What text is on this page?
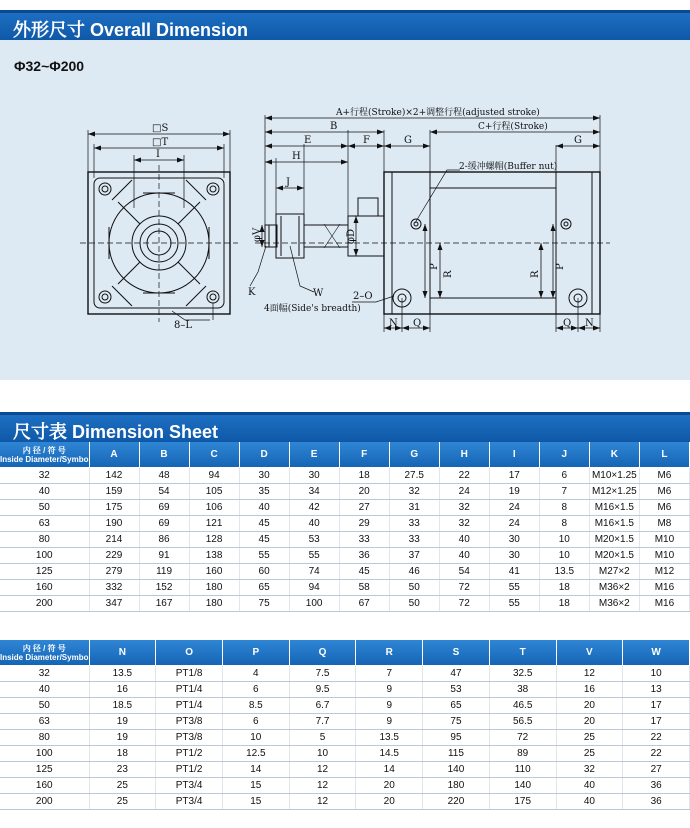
外形尺寸 Overall Dimension
Φ32~Φ200
□S
□T
I
8–L
A+行程(Stroke)×2+调整行程(adjusted stroke)
B	C+行程(Stroke)
E	F	G	G
H
J
2-缓冲螺帽(Buffer nut)
K	W
4面幅(Side's breadth)
2–O
N Q	Q N
φV	φD
P
R	R
P
尺寸表 Dimension Sheet
内 径 / 符 号
Inside Diameter/Symbo	A	B	C	D	E	F	G	H	I	J	K	L
32	142	48	94	30	30	18	27.5	22	17	6	M10×1.25	M6
40	159	54	105	35	34	20	32	24	19	7	M12×1.25	M6
50	175	69	106	40	42	27	31	32	24	8	M16×1.5	M6
63	190	69	121	45	40	29	33	32	24	8	M16×1.5	M8
80	214	86	128	45	53	33	33	40	30	10	M20×1.5	M10
100	229	91	138	55	55	36	37	40	30	10	M20×1.5	M10
125	279	119	160	60	74	45	46	54	41	13.5	M27×2	M12
160	332	152	180	65	94	58	50	72	55	18	M36×2	M16
200	347	167	180	75	100	67	50	72	55	18	M36×2	M16
内 径 / 符 号
Inside Diameter/Symbo	N	O	P	Q	R	S	T	V	W
32	13.5	PT1/8	4	7.5	7	47	32.5	12	10
40	16	PT1/4	6	9.5	9	53	38	16	13
50	18.5	PT1/4	8.5	6.7	9	65	46.5	20	17
63	19	PT3/8	6	7.7	9	75	56.5	20	17
80	19	PT3/8	10	5	13.5	95	72	25	22
100	18	PT1/2	12.5	10	14.5	115	89	25	22
125	23	PT1/2	14	12	14	140	110	32	27
160	25	PT3/4	15	12	20	180	140	40	36
200	25	PT3/4	15	12	20	220	175	40	36
